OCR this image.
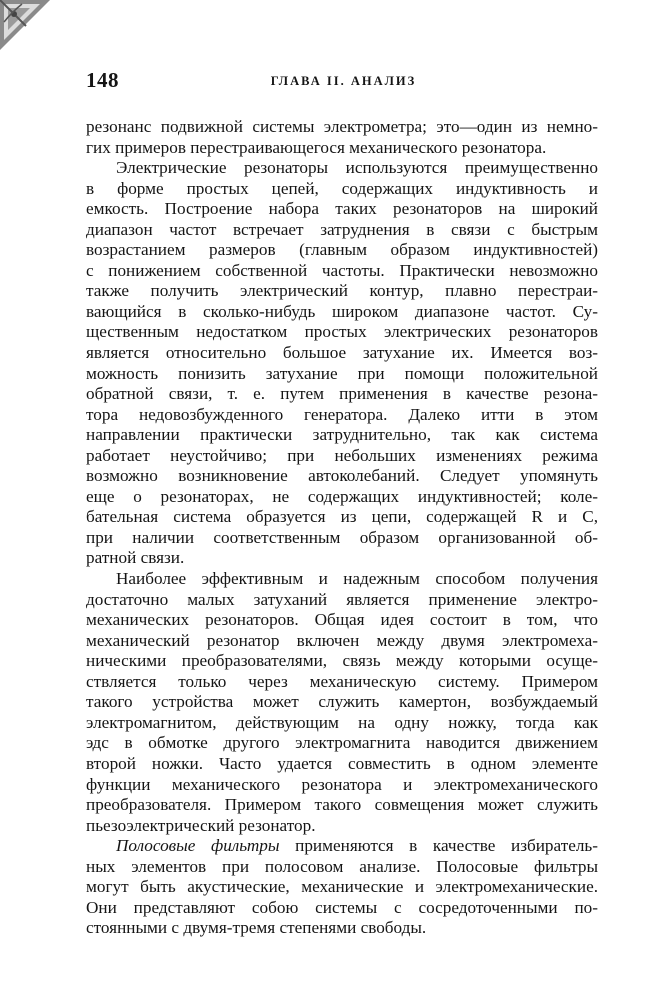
148	ГЛАВА II. АНАЛИЗ
резонанс подвижной системы электрометра; это—один из немно-
гих примеров перестраивающегося механического резонатора.
Электрические резонаторы используются преимущественно
в форме простых цепей, содержащих индуктивность и
емкость. Построение набора таких резонаторов на широкий
диапазон частот встречает затруднения в связи с быстрым
возрастанием размеров (главным образом индуктивностей)
с понижением собственной частоты. Практически невозможно
также получить электрический контур, плавно перестраи-
вающийся в сколько-нибудь широком диапазоне частот. Су-
щественным недостатком простых электрических резонаторов
является относительно большое затухание их. Имеется воз-
можность понизить затухание при помощи положительной
обратной связи, т. е. путем применения в качестве резона-
тора недовозбужденного генератора. Далеко итти в этом
направлении практически затруднительно, так как система
работает неустойчиво; при небольших изменениях режима
возможно возникновение автоколебаний. Следует упомянуть
еще о резонаторах, не содержащих индуктивностей; коле-
бательная система образуется из цепи, содержащей R и C,
при наличии соответственным образом организованной об-
ратной связи.
Наиболее эффективным и надежным способом получения
достаточно малых затуханий является применение электро-
механических резонаторов. Общая идея состоит в том, что
механический резонатор включен между двумя электромеха-
ническими преобразователями, связь между которыми осуще-
ствляется только через механическую систему. Примером
такого устройства может служить камертон, возбуждаемый
электромагнитом, действующим на одну ножку, тогда как
эдс в обмотке другого электромагнита наводится движением
второй ножки. Часто удается совместить в одном элементе
функции механического резонатора и электромеханического
преобразователя. Примером такого совмещения может служить
пьезоэлектрический резонатор.
Полосовые фильтры применяются в качестве избиратель-
ных элементов при полосовом анализе. Полосовые фильтры
могут быть акустические, механические и электромеханические.
Они представляют собою системы с сосредоточенными по-
стоянными с двумя-тремя степенями свободы.
